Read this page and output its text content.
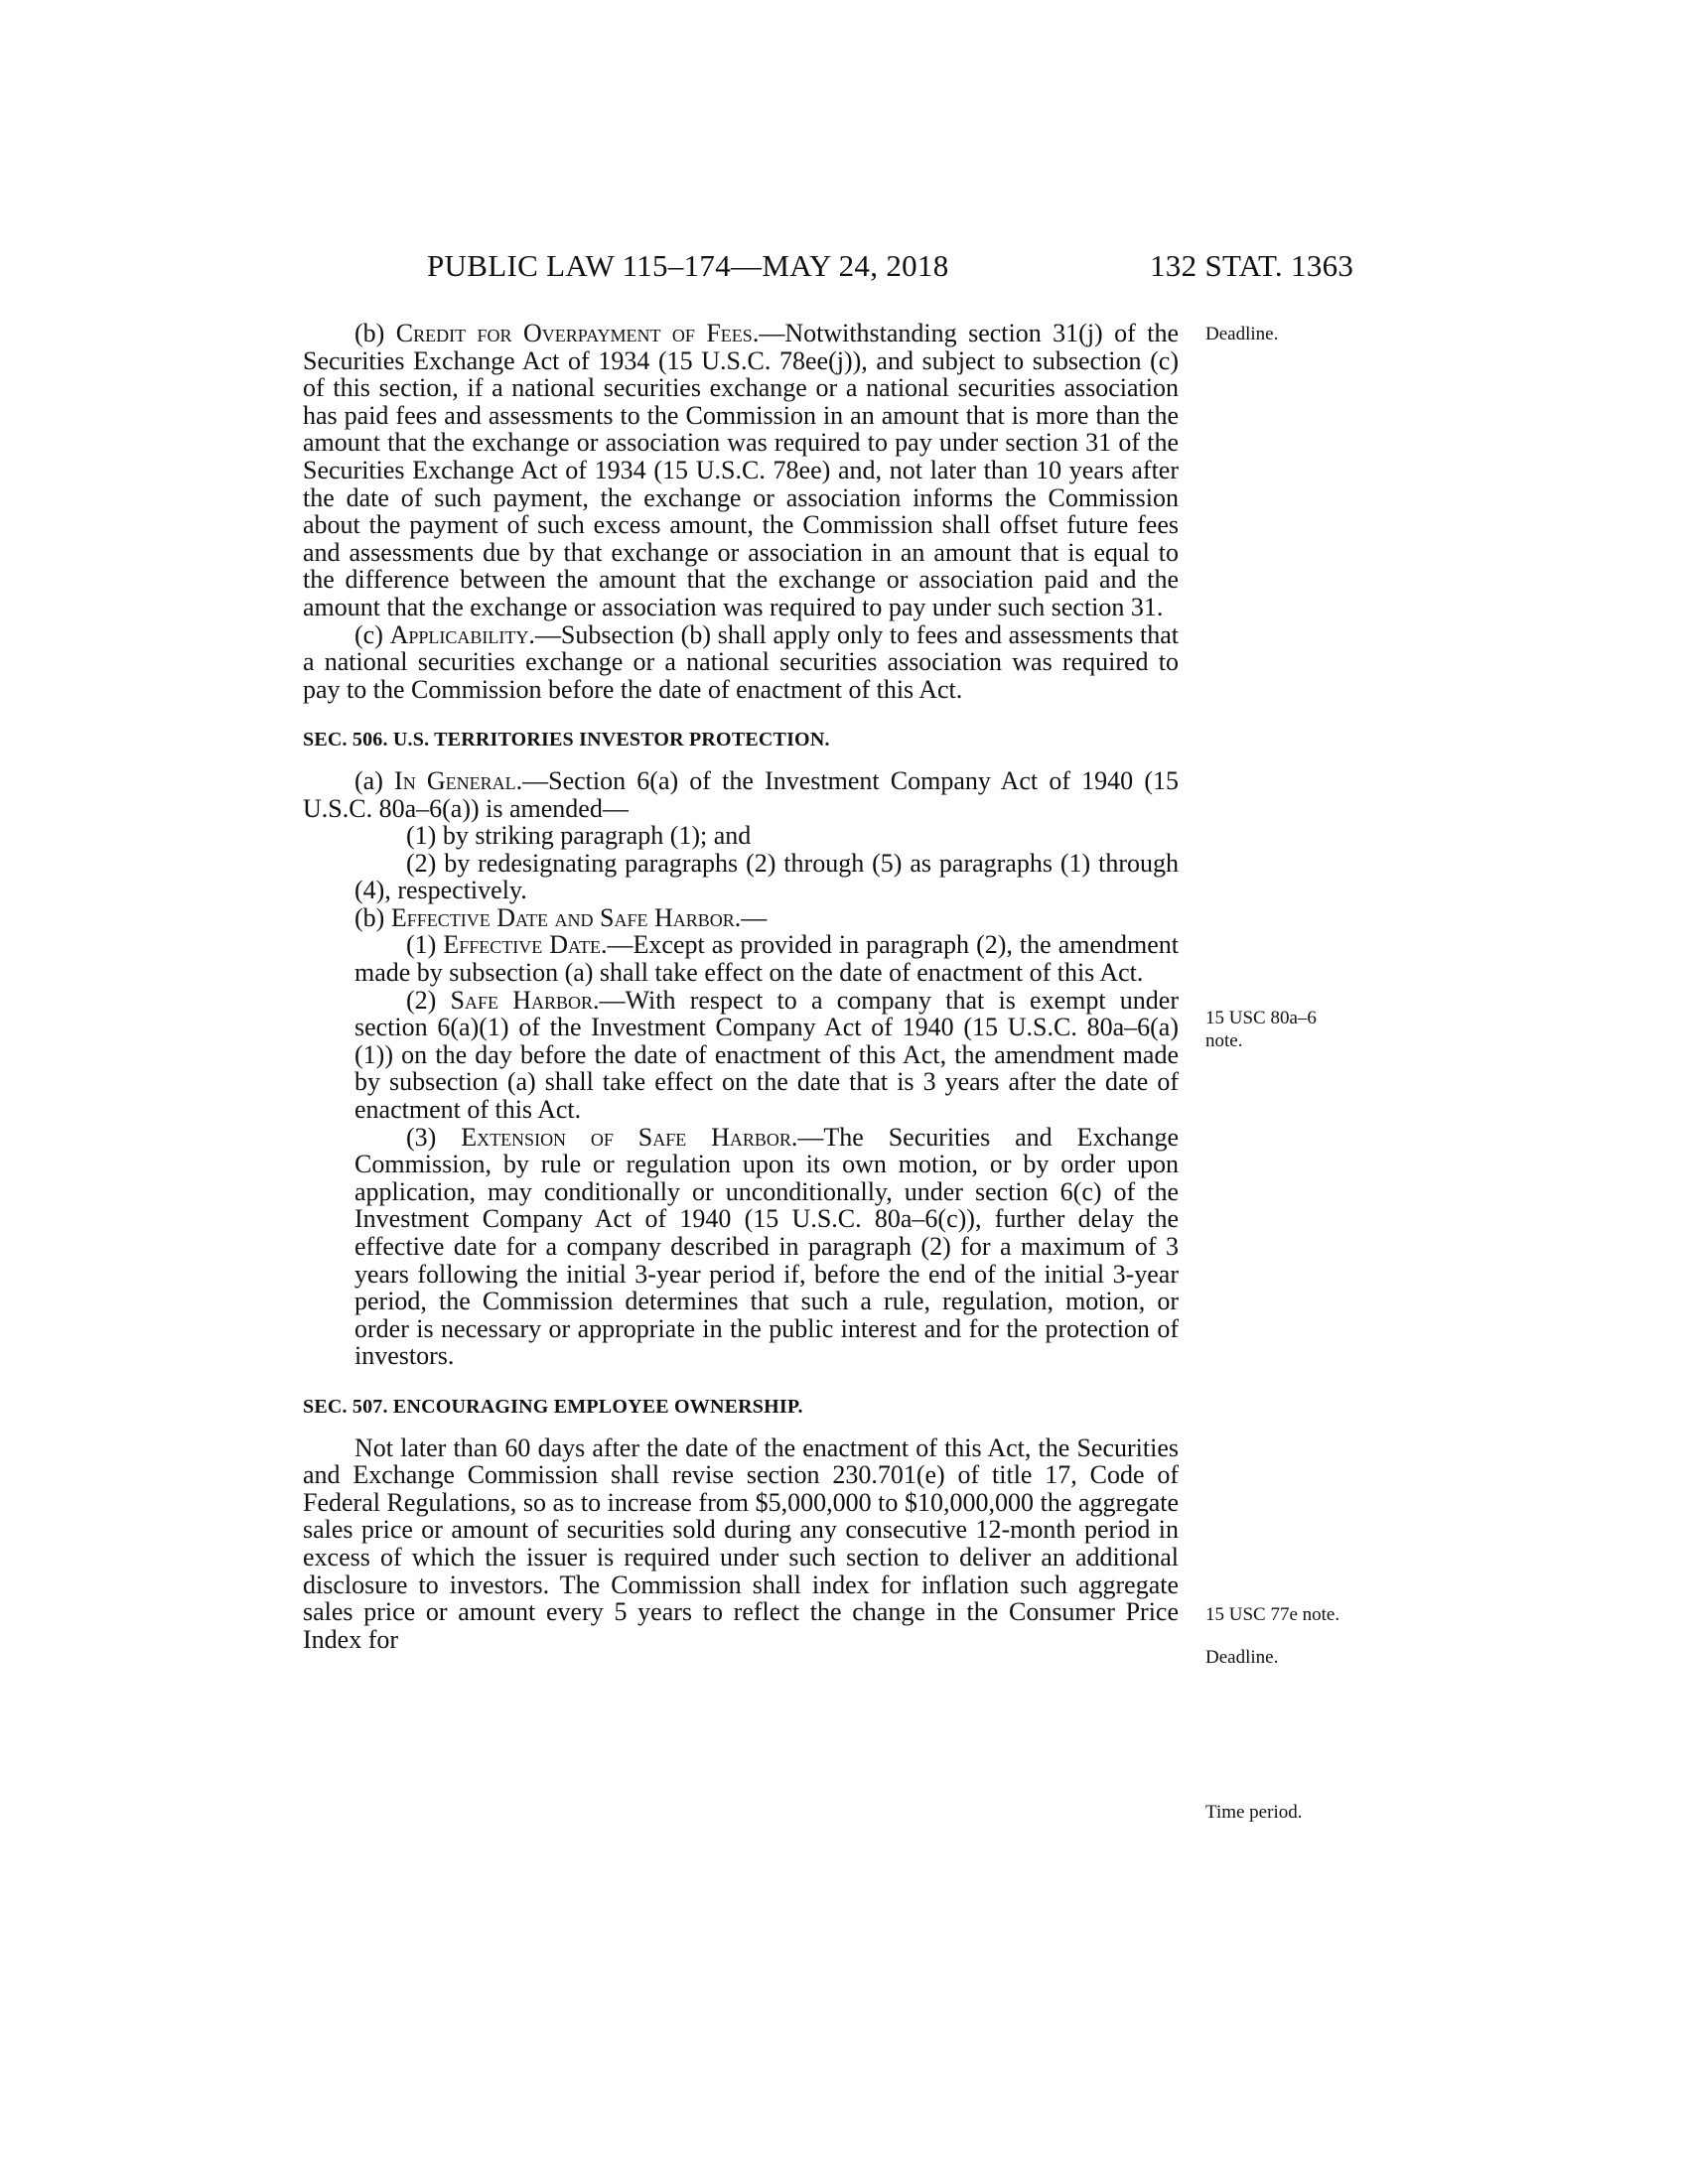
PUBLIC LAW 115–174—MAY 24, 2018	132 STAT. 1363

(b) Credit for Overpayment of Fees.—Notwithstanding section 31(j) of the Securities Exchange Act of 1934 (15 U.S.C. 78ee(j)), and subject to subsection (c) of this section, if a national securities exchange or a national securities association has paid fees and assessments to the Commission in an amount that is more than the amount that the exchange or association was required to pay under section 31 of the Securities Exchange Act of 1934 (15 U.S.C. 78ee) and, not later than 10 years after the date of such payment, the exchange or association informs the Commission about the payment of such excess amount, the Commission shall offset future fees and assessments due by that exchange or association in an amount that is equal to the difference between the amount that the exchange or association paid and the amount that the exchange or association was required to pay under such section 31.

(c) Applicability.—Subsection (b) shall apply only to fees and assessments that a national securities exchange or a national securities association was required to pay to the Commission before the date of enactment of this Act.

SEC. 506. U.S. TERRITORIES INVESTOR PROTECTION.

(a) In General.—Section 6(a) of the Investment Company Act of 1940 (15 U.S.C. 80a–6(a)) is amended—

(1) by striking paragraph (1); and

(2) by redesignating paragraphs (2) through (5) as paragraphs (1) through (4), respectively.

(b) Effective Date and Safe Harbor.—

(1) Effective Date.—Except as provided in paragraph (2), the amendment made by subsection (a) shall take effect on the date of enactment of this Act.

(2) Safe Harbor.—With respect to a company that is exempt under section 6(a)(1) of the Investment Company Act of 1940 (15 U.S.C. 80a–6(a)(1)) on the day before the date of enactment of this Act, the amendment made by subsection (a) shall take effect on the date that is 3 years after the date of enactment of this Act.

(3) Extension of Safe Harbor.—The Securities and Exchange Commission, by rule or regulation upon its own motion, or by order upon application, may conditionally or unconditionally, under section 6(c) of the Investment Company Act of 1940 (15 U.S.C. 80a–6(c)), further delay the effective date for a company described in paragraph (2) for a maximum of 3 years following the initial 3-year period if, before the end of the initial 3-year period, the Commission determines that such a rule, regulation, motion, or order is necessary or appropriate in the public interest and for the protection of investors.

SEC. 507. ENCOURAGING EMPLOYEE OWNERSHIP.

Not later than 60 days after the date of the enactment of this Act, the Securities and Exchange Commission shall revise section 230.701(e) of title 17, Code of Federal Regulations, so as to increase from $5,000,000 to $10,000,000 the aggregate sales price or amount of securities sold during any consecutive 12-month period in excess of which the issuer is required under such section to deliver an additional disclosure to investors. The Commission shall index for inflation such aggregate sales price or amount every 5 years to reflect the change in the Consumer Price Index for

Deadline.
15 USC 80a–6
note.
15 USC 77e note.
Deadline.
Time period.
